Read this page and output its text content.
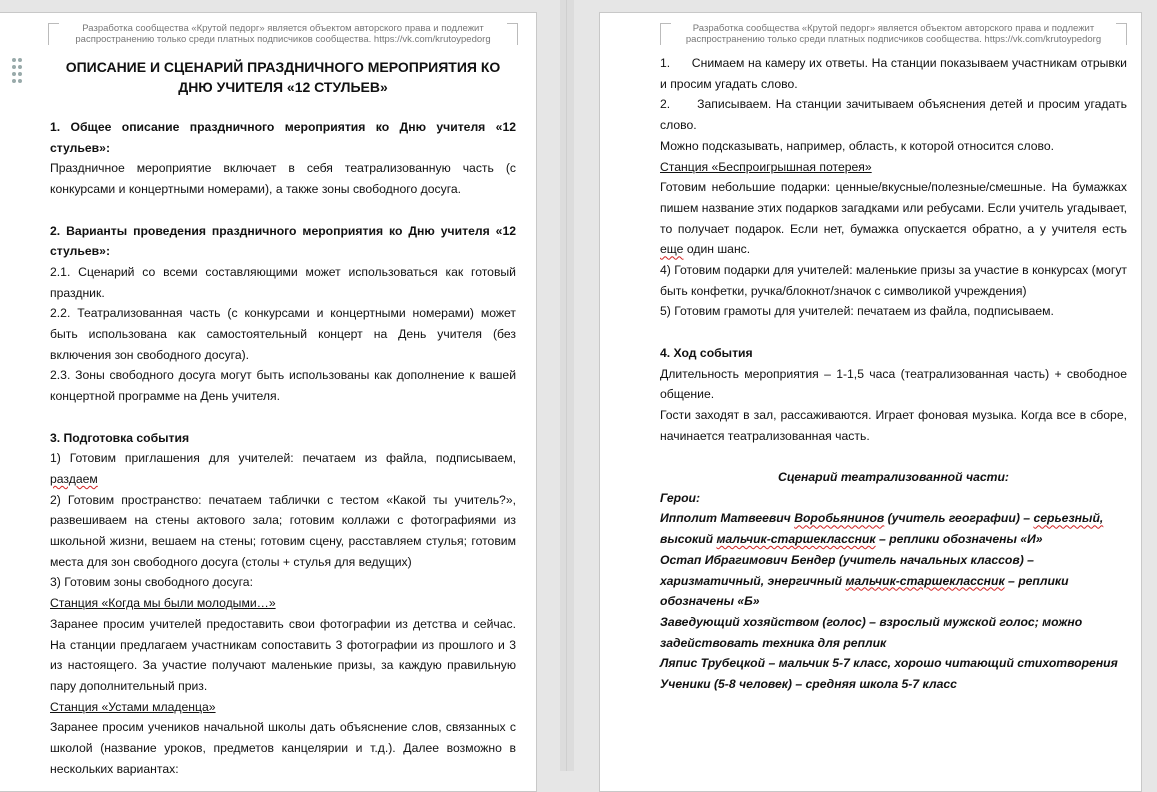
Разработка сообщества «Крутой педорг» является объектом авторского права и подлежит распространению только среди платных подписчиков сообщества. https://vk.com/krutoypedorg
ОПИСАНИЕ И СЦЕНАРИЙ ПРАЗДНИЧНОГО МЕРОПРИЯТИЯ КО ДНЮ УЧИТЕЛЯ «12 СТУЛЬЕВ»

1. Общее описание праздничного мероприятия ко Дню учителя «12 стульев»:

Праздничное мероприятие включает в себя театрализованную часть (с конкурсами и концертными номерами), а также зоны свободного досуга.

2. Варианты проведения праздничного мероприятия ко Дню учителя «12 стульев»:

2.1. Сценарий со всеми составляющими может использоваться как готовый праздник.

2.2. Театрализованная часть (с конкурсами и концертными номерами) может быть использована как самостоятельный концерт на День учителя (без включения зон свободного досуга).

2.3. Зоны свободного досуга могут быть использованы как дополнение к вашей концертной программе на День учителя.

3. Подготовка события

1) Готовим приглашения для учителей: печатаем из файла, подписываем, раздаем

2) Готовим пространство: печатаем таблички с тестом «Какой ты учитель?», развешиваем на стены актового зала; готовим коллажи с фотографиями из школьной жизни, вешаем на стены; готовим сцену, расставляем стулья; готовим места для зон свободного досуга (столы + стулья для ведущих)

3) Готовим зоны свободного досуга:

Станция «Когда мы были молодыми…»

Заранее просим учителей предоставить свои фотографии из детства и сейчас. На станции предлагаем участникам сопоставить 3 фотографии из прошлого и 3 из настоящего. За участие получают маленькие призы, за каждую правильную пару дополнительный приз.

Станция «Устами младенца»

Заранее просим учеников начальной школы дать объяснение слов, связанных с школой (название уроков, предметов канцелярии и т.д.). Далее возможно в нескольких вариантах:

Разработка сообщества «Крутой педорг» является объектом авторского права и подлежит распространению только среди платных подписчиков сообщества. https://vk.com/krutoypedorg

1.      Снимаем на камеру их ответы. На станции показываем участникам отрывки и просим угадать слово.

2.      Записываем. На станции зачитываем объяснения детей и просим угадать слово.

Можно подсказывать, например, область, к которой относится слово.

Станция «Беспроигрышная потерея»

Готовим небольшие подарки: ценные/вкусные/полезные/смешные. На бумажках пишем название этих подарков загадками или ребусами. Если учитель угадывает, то получает подарок. Если нет, бумажка опускается обратно, а у учителя есть еще один шанс.

4) Готовим подарки для учителей: маленькие призы за участие в конкурсах (могут быть конфетки, ручка/блокнот/значок с символикой учреждения)

5) Готовим грамоты для учителей: печатаем из файла, подписываем.

4. Ход события

Длительность мероприятия – 1-1,5 часа (театрализованная часть) + свободное общение.

Гости заходят в зал, рассаживаются. Играет фоновая музыка. Когда все в сборе, начинается театрализованная часть.

Сценарий театрализованной части:

Герои:

Ипполит Матвеевич Воробьянинов (учитель географии) – серьезный, высокий мальчик-старшеклассник – реплики обозначены «И»

Остап Ибрагимович Бендер (учитель начальных классов) – харизматичный, энергичный мальчик-старшеклассник – реплики обозначены «Б»

Заведующий хозяйством (голос) – взрослый мужской голос; можно задействовать техника для реплик

Ляпис Трубецкой – мальчик 5-7 класс, хорошо читающий стихотворения

Ученики (5-8 человек) – средняя школа 5-7 класс
